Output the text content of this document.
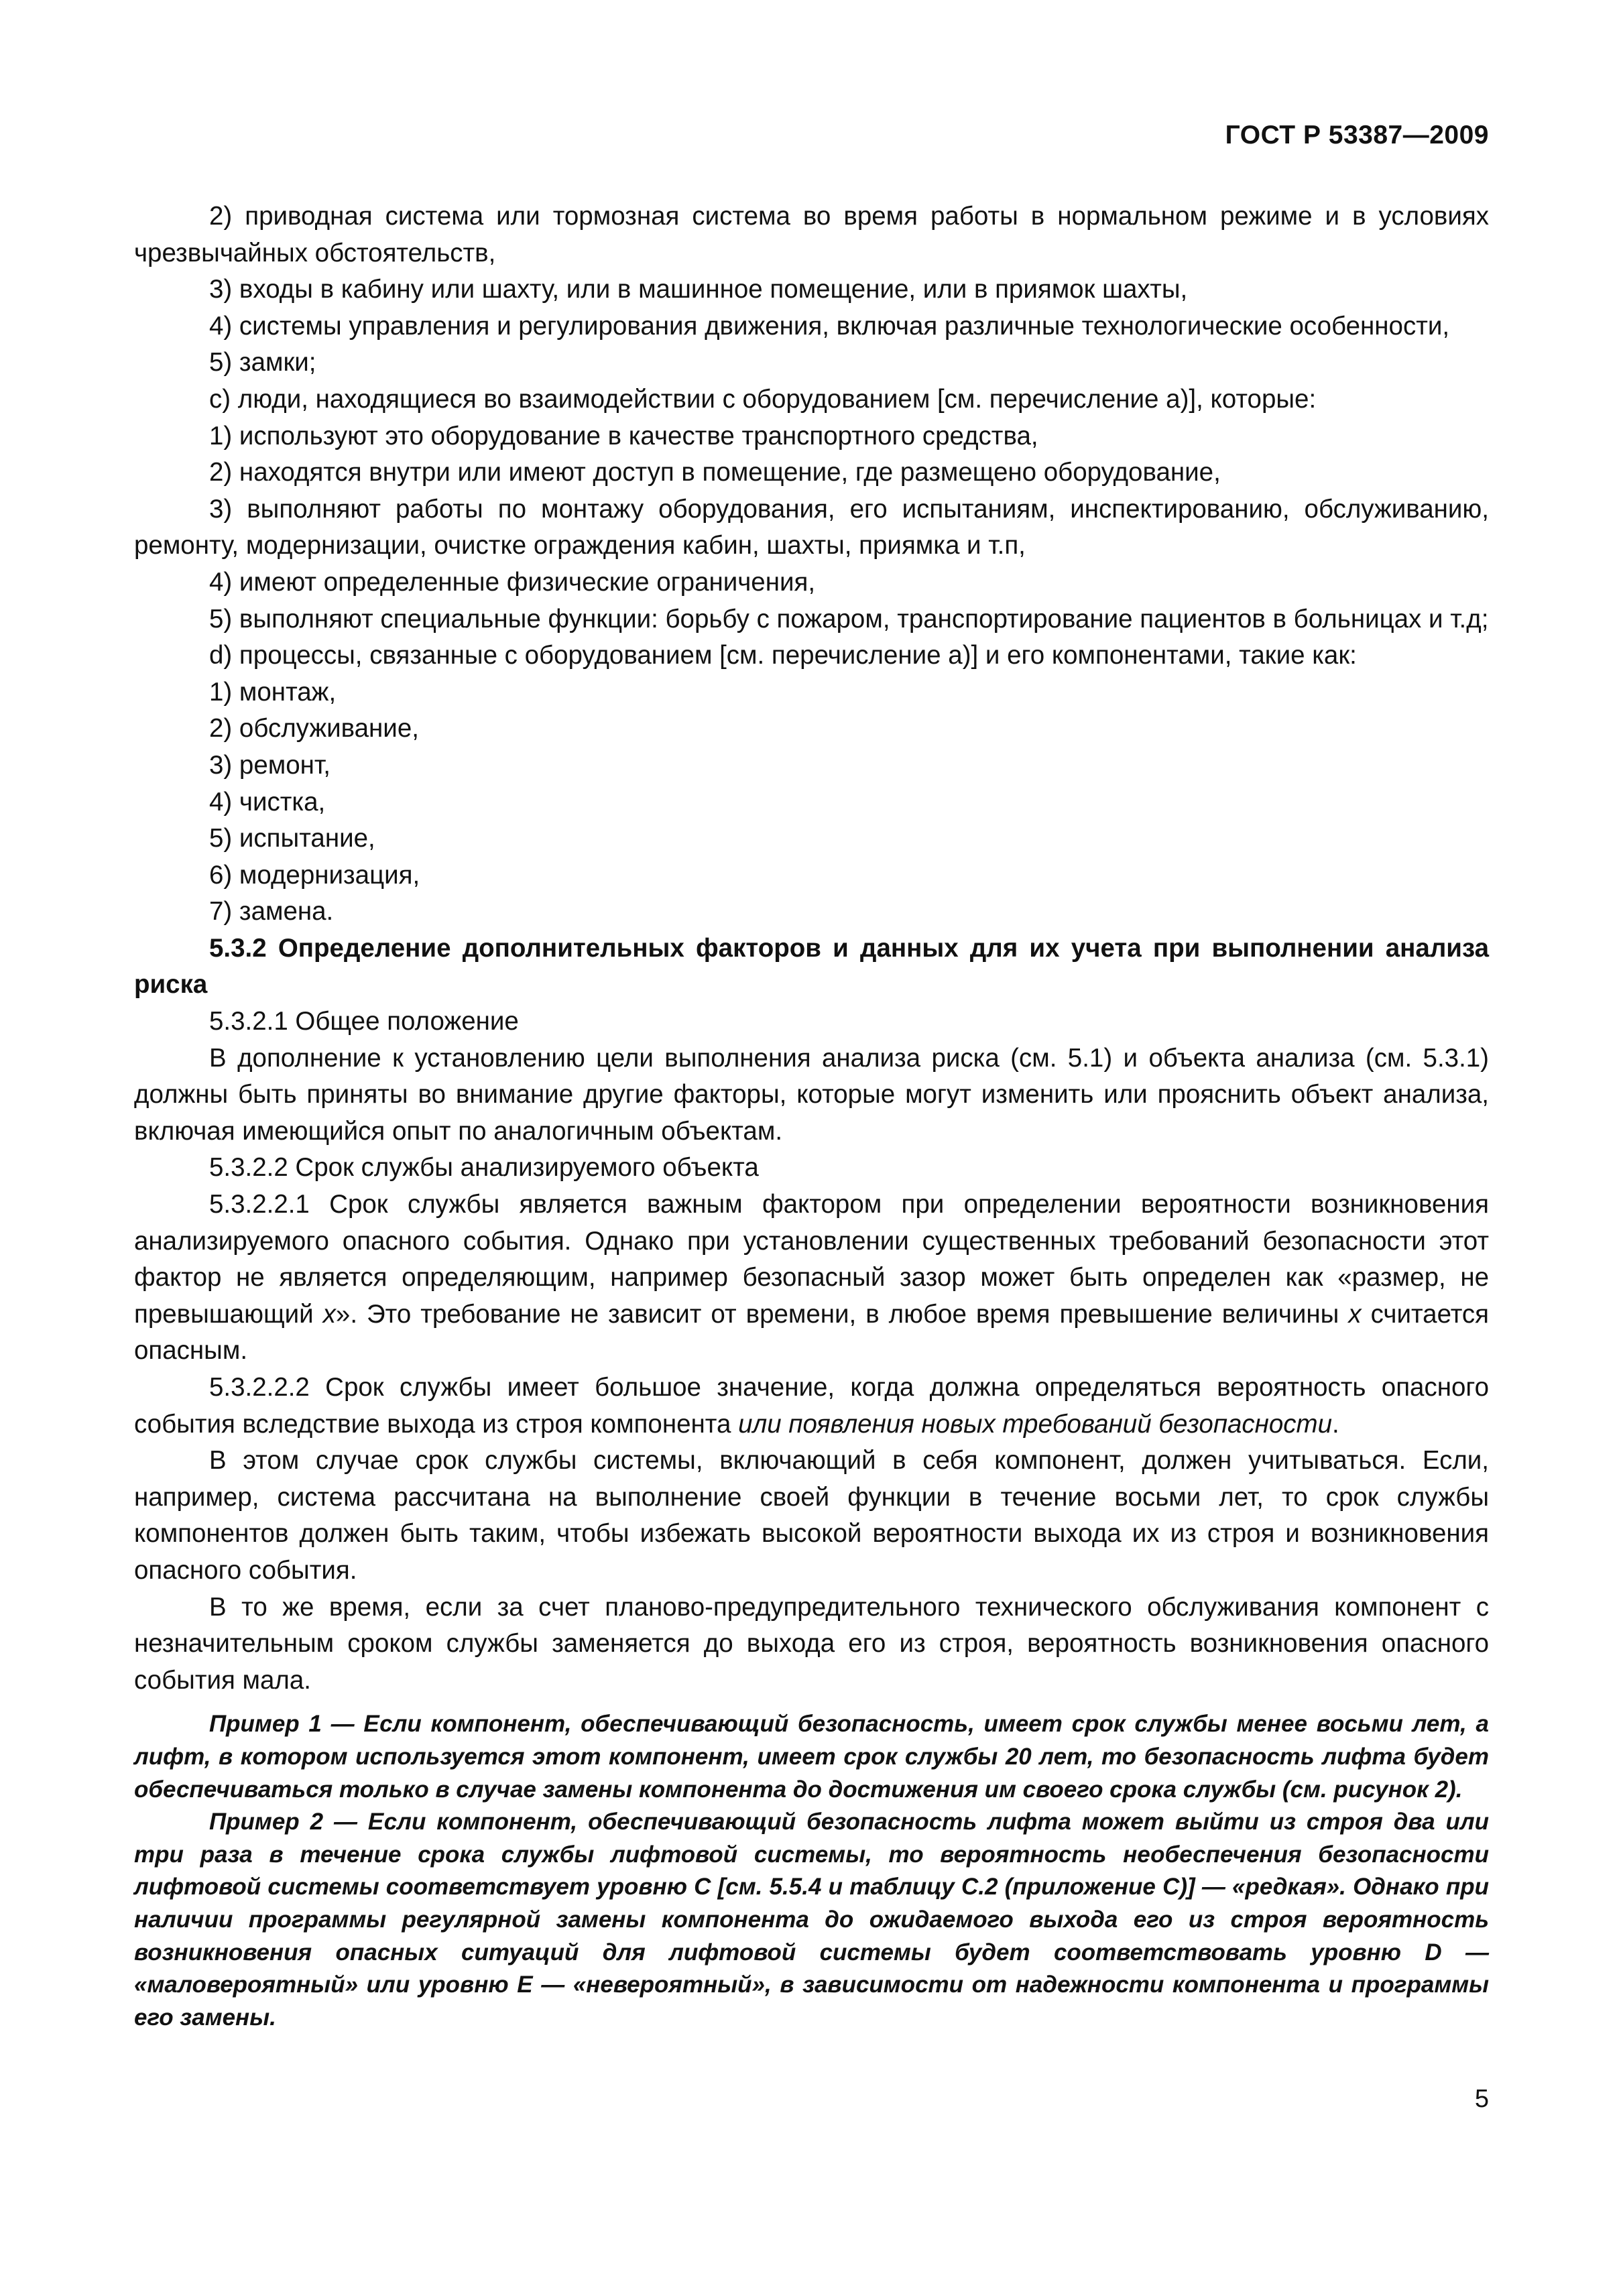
ГОСТ Р 53387—2009

2) приводная система или тормозная система во время работы в нормальном режиме и в условиях чрезвычайных обстоятельств,

3) входы в кабину или шахту, или в машинное помещение, или в приямок шахты,

4) системы управления и регулирования движения, включая различные технологические особенности,

5) замки;

с) люди, находящиеся во взаимодействии с оборудованием [см. перечисление а)], которые:

1) используют это оборудование в качестве транспортного средства,

2) находятся внутри или имеют доступ в помещение, где размещено оборудование,

3) выполняют работы по монтажу оборудования, его испытаниям, инспектированию, обслуживанию, ремонту, модернизации, очистке ограждения кабин, шахты, приямка и т.п,

4) имеют определенные физические ограничения,

5) выполняют специальные функции: борьбу с пожаром, транспортирование пациентов в больницах и т.д;

d) процессы, связанные с оборудованием [см. перечисление а)] и его компонентами, такие как:

1) монтаж,

2) обслуживание,

3) ремонт,

4) чистка,

5) испытание,

6) модернизация,

7) замена.

5.3.2 Определение дополнительных факторов и данных для их учета при выполнении анализа риска

5.3.2.1 Общее положение

В дополнение к установлению цели выполнения анализа риска (см. 5.1) и объекта анализа (см. 5.3.1) должны быть приняты во внимание другие факторы, которые могут изменить или прояснить объект анализа, включая имеющийся опыт по аналогичным объектам.

5.3.2.2 Срок службы анализируемого объекта

5.3.2.2.1 Срок службы является важным фактором при определении вероятности возникновения анализируемого опасного события. Однако при установлении существенных требований безопасности этот фактор не является определяющим, например безопасный зазор может быть определен как «размер, не превышающий x». Это требование не зависит от времени, в любое время превышение величины x считается опасным.

5.3.2.2.2 Срок службы имеет большое значение, когда должна определяться вероятность опасного события вследствие выхода из строя компонента или появления новых требований безопасности.

В этом случае срок службы системы, включающий в себя компонент, должен учитываться. Если, например, система рассчитана на выполнение своей функции в течение восьми лет, то срок службы компонентов должен быть таким, чтобы избежать высокой вероятности выхода их из строя и возникновения опасного события.

В то же время, если за счет планово-предупредительного технического обслуживания компонент с незначительным сроком службы заменяется до выхода его из строя, вероятность возникновения опасного события мала.

Пример 1 — Если компонент, обеспечивающий безопасность, имеет срок службы менее восьми лет, а лифт, в котором используется этот компонент, имеет срок службы 20 лет, то безопасность лифта будет обеспечиваться только в случае замены компонента до достижения им своего срока службы (см. рисунок 2).

Пример 2 — Если компонент, обеспечивающий безопасность лифта может выйти из строя два или три раза в течение срока службы лифтовой системы, то вероятность необеспечения безопасности лифтовой системы соответствует уровню С [см. 5.5.4 и таблицу С.2 (приложение С)] — «редкая». Однако при наличии программы регулярной замены компонента до ожидаемого выхода его из строя вероятность возникновения опасных ситуаций для лифтовой системы будет соответствовать уровню D — «маловероятный» или уровню Е — «невероятный», в зависимости от надежности компонента и программы его замены.

5
